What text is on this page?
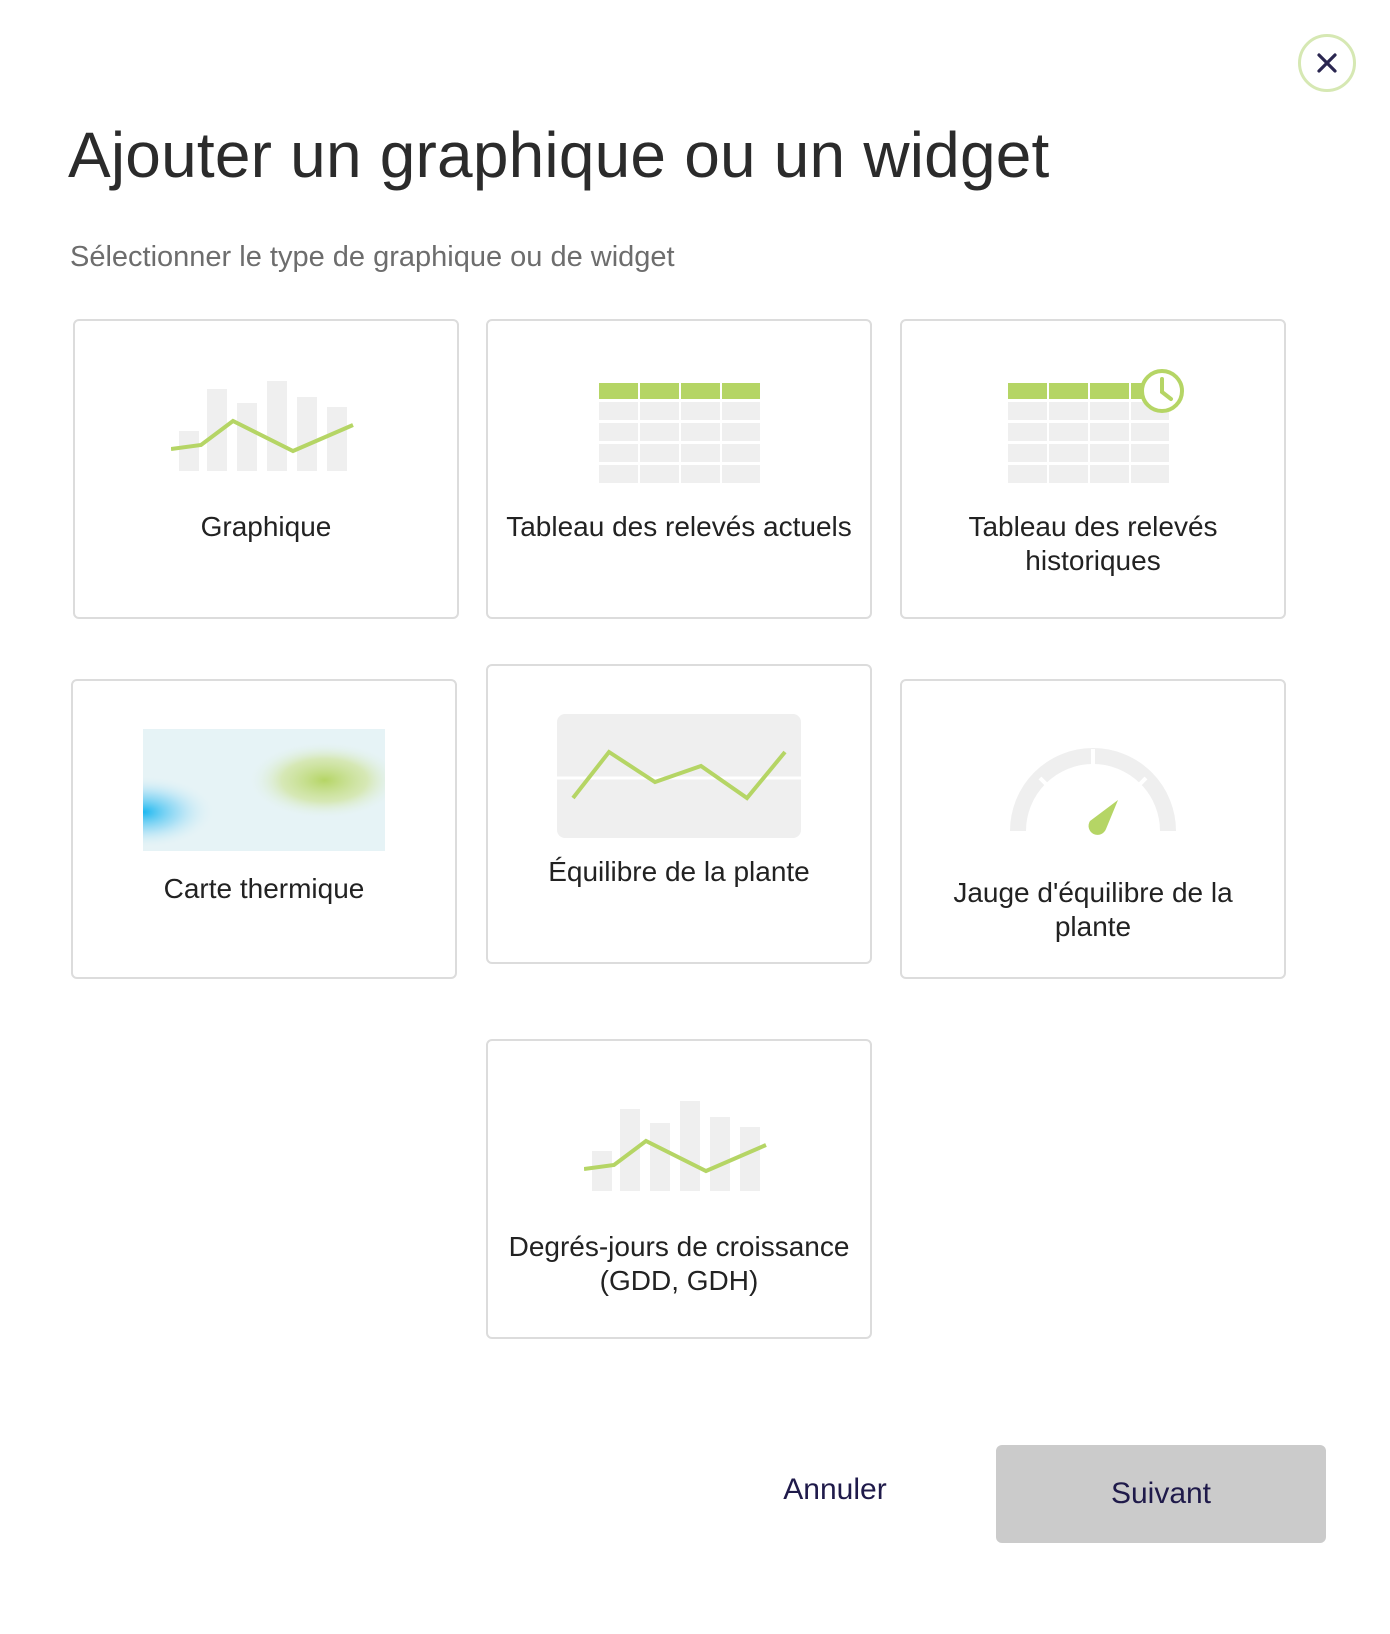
Ajouter un graphique ou un widget
Sélectionner le type de graphique ou de widget
Graphique	Tableau des relevés actuels	Tableau des relevés historiques
Carte thermique
Équilibre de la plante
Jauge d'équilibre de la plante
Degrés-jours de croissance (GDD, GDH)
Annuler	Suivant
